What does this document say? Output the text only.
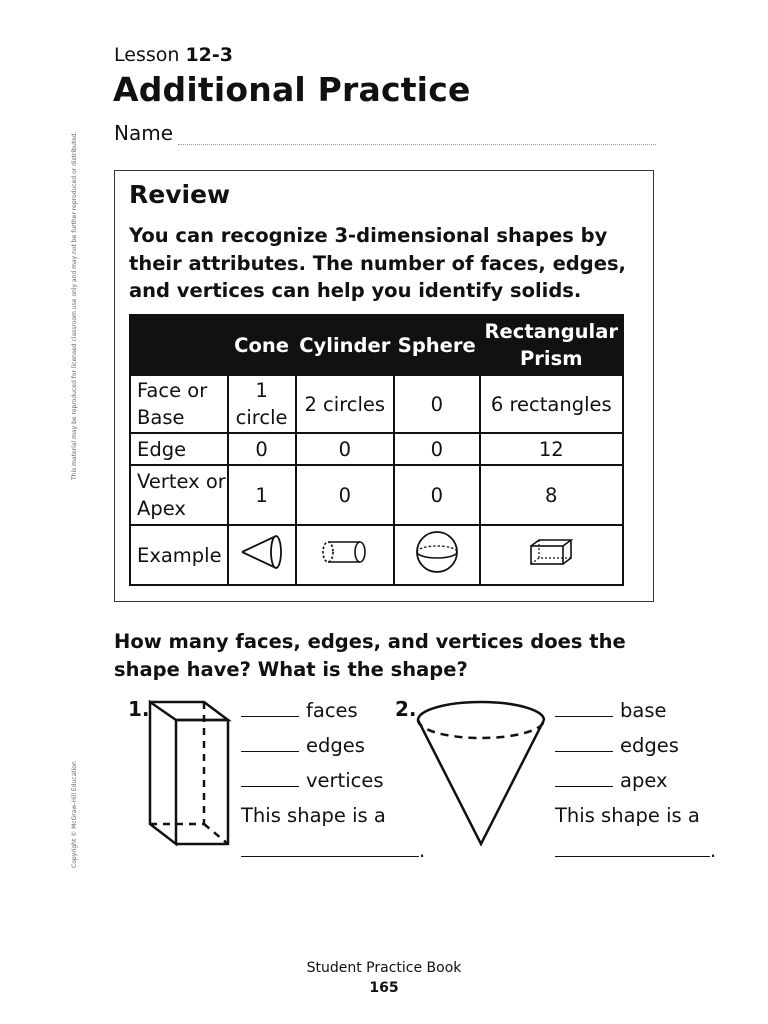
Lesson 12-3
Additional Practice
Name
This material may be reproduced for licensed classroom use only and may not be further reproduced or distributed.
Copyright © McGraw-Hill Education
Review
You can recognize 3-dimensional shapes by their attributes. The number of faces, edges, and vertices can help you identify solids.
	Cone	Cylinder	Sphere	Rectangular Prism
Face or Base	1 circle	2 circles	0	6 rectangles
Edge	0	0	0	12
Vertex or Apex	1	0	0	8
Example				
How many faces, edges, and vertices does the shape have? What is the shape?
1.	faces
edges
vertices
This shape is a
.
2.	base
edges
apex
This shape is a
.
Student Practice Book
165
